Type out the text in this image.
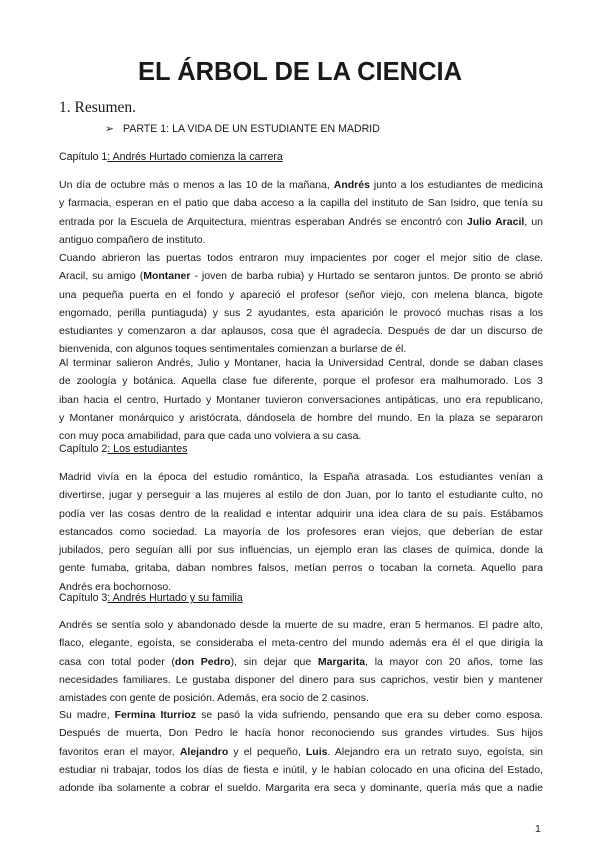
EL ÁRBOL DE LA CIENCIA
1. Resumen.
➢ PARTE 1: LA VIDA DE UN ESTUDIANTE EN MADRID
Capítulo 1: Andrés Hurtado comienza la carrera
Un día de octubre más o menos a las 10 de la mañana, Andrés junto a los estudiantes de medicina
y farmacia, esperan en el patio que daba acceso a la capilla del instituto de San Isidro, que tenía su
entrada por la Escuela de Arquitectura, mientras esperaban Andrés se encontró con Julio Aracil, un
antiguo compañero de instituto.
Cuando abrieron las puertas todos entraron muy impacientes por coger el mejor sitio de clase.
Aracil, su amigo (Montaner - joven de barba rubia) y Hurtado se sentaron juntos. De pronto se abrió
una pequeña puerta en el fondo y apareció el profesor (señor viejo, con melena blanca, bigote
engomado, perilla puntiaguda) y sus 2 ayudantes, esta aparición le provocó muchas risas a los
estudiantes y comenzaron a dar aplausos, cosa que él agradecía. Después de dar un discurso de
bienvenida, con algunos toques sentimentales comienzan a burlarse de él.
Al terminar salieron Andrés, Julio y Montaner, hacia la Universidad Central, donde se daban clases
de zoología y botánica. Aquella clase fue diferente, porque el profesor era malhumorado. Los 3
iban hacia el centro, Hurtado y Montaner tuvieron conversaciones antipáticas, uno era republicano,
y Montaner monárquico y aristócrata, dándosela de hombre del mundo. En la plaza se separaron
con muy poca amabilidad, para que cada uno volviera a su casa.
Capítulo 2: Los estudiantes
Madrid vivía en la época del estudio romántico, la España atrasada. Los estudiantes venían a
divertirse, jugar y perseguir a las mujeres al estilo de don Juan, por lo tanto el estudiante culto, no
podía ver las cosas dentro de la realidad e intentar adquirir una idea clara de su país. Estábamos
estancados como sociedad. La mayoría de los profesores eran viejos, que deberían de estar
jubilados, pero seguían allí por sus influencias, un ejemplo eran las clases de química, donde la
gente fumaba, gritaba, daban nombres falsos, metían perros o tocaban la corneta. Aquello para
Andrés era bochornoso.
Capítulo 3: Andrés Hurtado y su familia
Andrés se sentía solo y abandonado desde la muerte de su madre, eran 5 hermanos. El padre alto,
flaco, elegante, egoísta, se consideraba el meta-centro del mundo además era él el que dirigía la
casa con total poder (don Pedro), sin dejar que Margarita, la mayor con 20 años, tome las
necesidades familiares. Le gustaba disponer del dinero para sus caprichos, vestir bien y mantener
amistades con gente de posición. Además, era socio de 2 casinos.
Su madre, Fermina Iturrioz se pasó la vida sufriendo, pensando que era su deber como esposa.
Después de muerta, Don Pedro le hacía honor reconociendo sus grandes virtudes. Sus hijos
favoritos eran el mayor, Alejandro y el pequeño, Luis. Alejandro era un retrato suyo, egoísta, sin
estudiar ni trabajar, todos los días de fiesta e inútil, y le habían colocado en una oficina del Estado,
adonde iba solamente a cobrar el sueldo. Margarita era seca y dominante, quería más que a nadie
1
